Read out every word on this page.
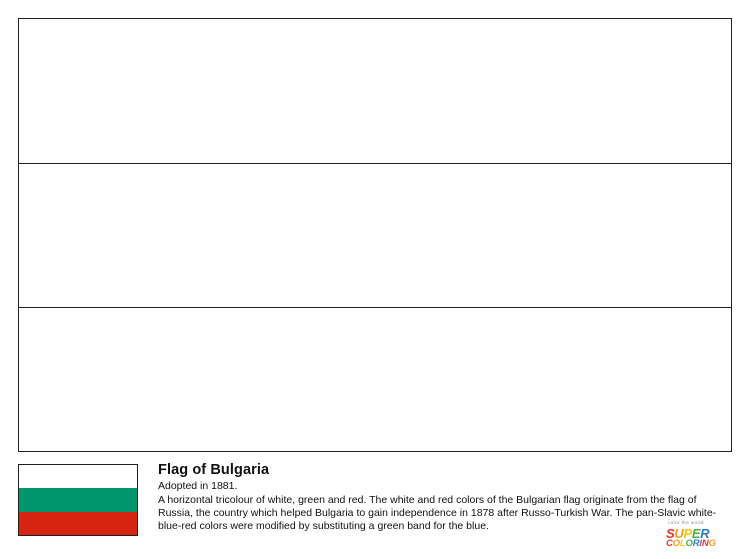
Flag of Bulgaria

Adopted in 1881.

A horizontal tricolour of white, green and red. The white and red colors of the Bulgarian flag originate from the flag of Russia, the country which helped Bulgaria to gain independence in 1878 after Russo-Turkish War. The pan-Slavic white-blue-red colors were modified by substituting a green band for the blue.	color the world
SUPER
COLORING
